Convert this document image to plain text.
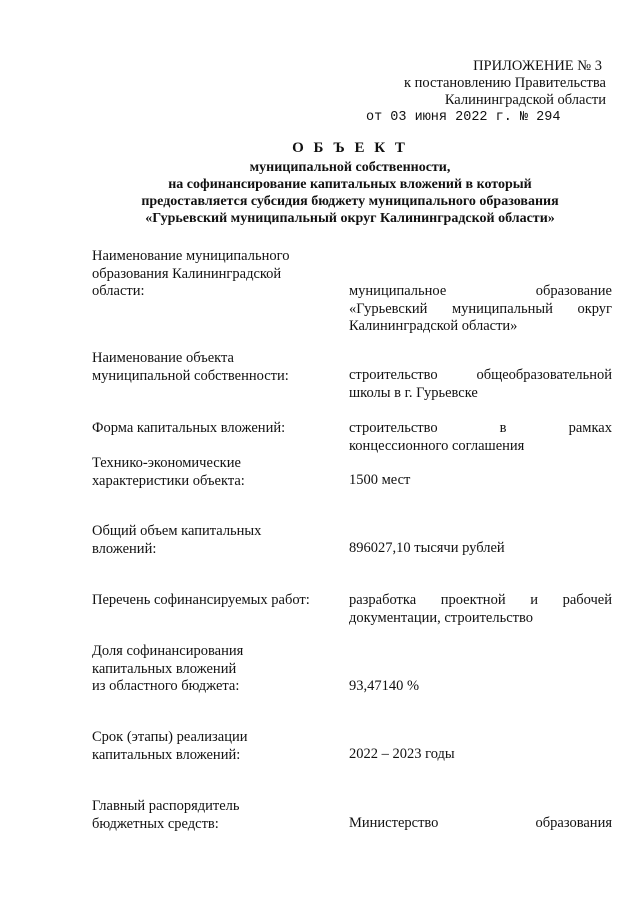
ПРИЛОЖЕНИЕ № 3
к постановлению Правительства
Калининградской области
от 03 июня 2022 г. № 294
О Б Ъ Е К Т
муниципальной собственности,
на софинансирование капитальных вложений в который
предоставляется субсидия бюджету муниципального образования
«Гурьевский муниципальный округ Калининградской области»
Наименование муниципального
образования Калининградской
области:	муниципальное образование
«Гурьевский муниципальный округ
Калининградской области»
Наименование объекта
муниципальной собственности:	строительство общеобразовательной
школы в г. Гурьевске
Форма капитальных вложений:	строительство в рамках
концессионного соглашения
Технико-экономические
характеристики объекта:	1500 мест
Общий объем капитальных
вложений:	896027,10 тысячи рублей
Перечень софинансируемых работ:	разработка проектной и рабочей
документации, строительство
Доля софинансирования
капитальных вложений
из областного бюджета:	93,47140 %
Срок (этапы) реализации
капитальных вложений:	2022 – 2023 годы
Главный распорядитель
бюджетных средств:	Министерство образования
